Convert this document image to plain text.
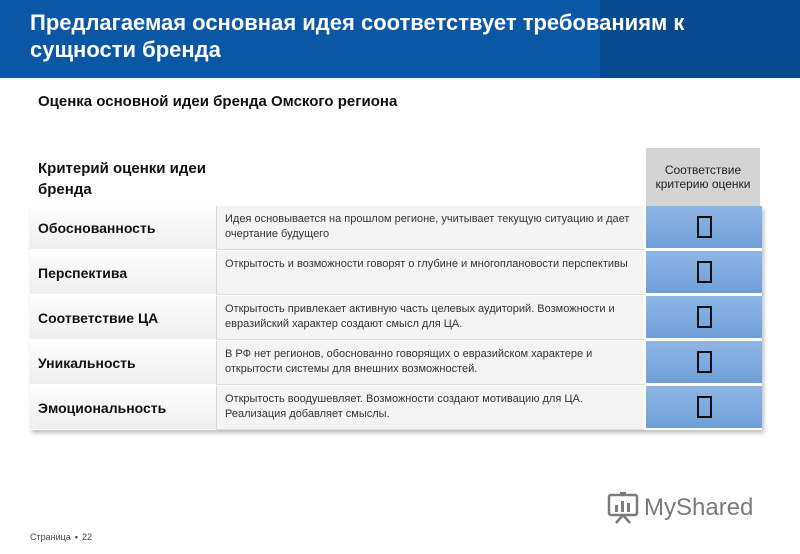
Предлагаемая основная идея соответствует требованиям к сущности бренда
Оценка основной идеи бренда Омского региона
Критерий оценки идеи бренда
Соответствие критерию оценки
Обоснованность
Идея основывается на прошлом регионе, учитывает текущую ситуацию и дает очертание будущего
Перспектива
Открытость и возможности говорят о глубине и многоплановости перспективы
Соответствие ЦА
Открытость привлекает активную часть целевых аудиторий. Возможности и евразийский характер создают смысл для ЦА.
Уникальность
В РФ нет регионов, обоснованно говорящих о евразийском характере и открытости системы для внешних возможностей.
Эмоциональность
Открытость воодушевляет. Возможности создают мотивацию для ЦА. Реализация добавляет смыслы.
MyShared
Страница ▪ 22
